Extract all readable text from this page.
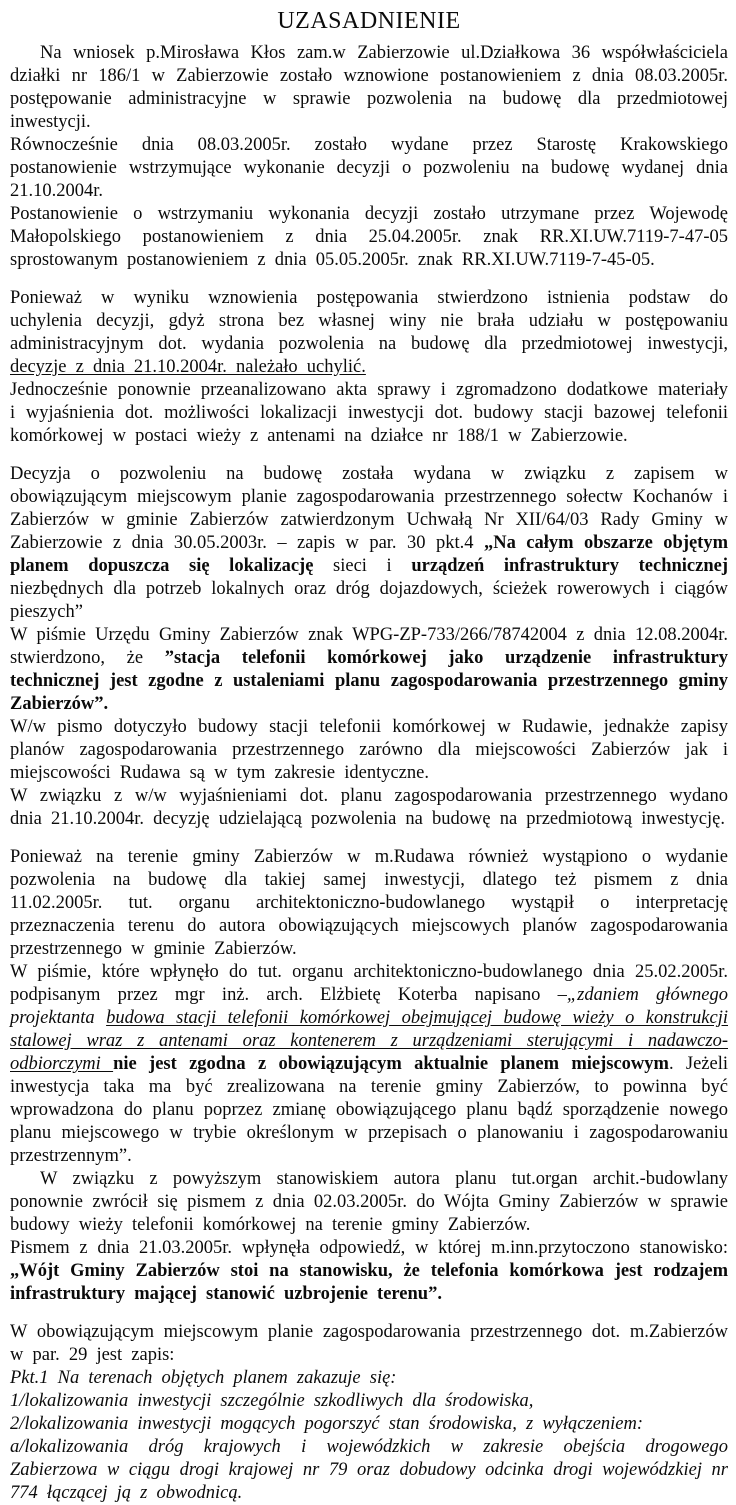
UZASADNIENIE

Na wniosek p.Mirosława Kłos zam.w Zabierzowie ul.Działkowa 36 współwłaściciela działki nr 186/1 w Zabierzowie zostało wznowione postanowieniem z dnia 08.03.2005r. postępowanie administracyjne w sprawie pozwolenia na budowę dla przedmiotowej inwestycji.

Równocześnie dnia 08.03.2005r. zostało wydane przez Starostę Krakowskiego postanowienie wstrzymujące wykonanie decyzji o pozwoleniu na budowę wydanej dnia 21.10.2004r.

Postanowienie o wstrzymaniu wykonania decyzji zostało utrzymane przez Wojewodę Małopolskiego postanowieniem z dnia 25.04.2005r. znak RR.XI.UW.7119-7-47-05 sprostowanym postanowieniem z dnia 05.05.2005r. znak RR.XI.UW.7119-7-45-05.

Ponieważ w wyniku wznowienia postępowania stwierdzono istnienia podstaw do uchylenia decyzji, gdyż strona bez własnej winy nie brała udziału w postępowaniu administracyjnym dot. wydania pozwolenia na budowę dla przedmiotowej inwestycji, decyzje z dnia 21.10.2004r. należało uchylić.

Jednocześnie ponownie przeanalizowano akta sprawy i zgromadzono dodatkowe materiały i wyjaśnienia dot. możliwości lokalizacji inwestycji dot. budowy stacji bazowej telefonii komórkowej w postaci wieży z antenami na działce nr 188/1 w Zabierzowie.

Decyzja o pozwoleniu na budowę została wydana w związku z zapisem w obowiązującym miejscowym planie zagospodarowania przestrzennego sołectw Kochanów i Zabierzów w gminie Zabierzów zatwierdzonym Uchwałą Nr XII/64/03 Rady Gminy w Zabierzowie z dnia 30.05.2003r. – zapis w par. 30 pkt.4 „Na całym obszarze objętym planem dopuszcza się lokalizację sieci i urządzeń infrastruktury technicznej niezbędnych dla potrzeb lokalnych oraz dróg dojazdowych, ścieżek rowerowych i ciągów pieszych”

W piśmie Urzędu Gminy Zabierzów znak WPG-ZP-733/266/78742004 z dnia 12.08.2004r. stwierdzono, że ”stacja telefonii komórkowej jako urządzenie infrastruktury technicznej jest zgodne z ustaleniami planu zagospodarowania przestrzennego gminy Zabierzów”.

W/w pismo dotyczyło budowy stacji telefonii komórkowej w Rudawie, jednakże zapisy planów zagospodarowania przestrzennego zarówno dla miejscowości Zabierzów jak i miejscowości Rudawa są w tym zakresie identyczne.

W związku z w/w wyjaśnieniami dot. planu zagospodarowania przestrzennego wydano dnia 21.10.2004r. decyzję udzielającą pozwolenia na budowę na przedmiotową inwestycję.

Ponieważ na terenie gminy Zabierzów w m.Rudawa również wystąpiono o wydanie pozwolenia na budowę dla takiej samej inwestycji, dlatego też pismem z dnia 11.02.2005r. tut. organu architektoniczno-budowlanego wystąpił o interpretację przeznaczenia terenu do autora obowiązujących miejscowych planów zagospodarowania przestrzennego w gminie Zabierzów.

W piśmie, które wpłynęło do tut. organu architektoniczno-budowlanego dnia 25.02.2005r. podpisanym przez mgr inż. arch. Elżbietę Koterba napisano –„zdaniem głównego projektanta budowa stacji telefonii komórkowej obejmującej budowę wieży o konstrukcji stalowej wraz z antenami oraz kontenerem z urządzeniami sterującymi i nadawczo-odbiorczymi nie jest zgodna z obowiązującym aktualnie planem miejscowym. Jeżeli inwestycja taka ma być zrealizowana na terenie gminy Zabierzów, to powinna być wprowadzona do planu poprzez zmianę obowiązującego planu bądź sporządzenie nowego planu miejscowego w trybie określonym w przepisach o planowaniu i zagospodarowaniu przestrzennym”.

W związku z powyższym stanowiskiem autora planu tut.organ archit.-budowlany ponownie zwrócił się pismem z dnia 02.03.2005r. do Wójta Gminy Zabierzów w sprawie budowy wieży telefonii komórkowej na terenie gminy Zabierzów.

Pismem z dnia 21.03.2005r. wpłynęła odpowiedź, w której m.inn.przytoczono stanowisko: „Wójt Gminy Zabierzów stoi na stanowisku, że telefonia komórkowa jest rodzajem infrastruktury mającej stanowić uzbrojenie terenu”.

W obowiązującym miejscowym planie zagospodarowania przestrzennego dot. m.Zabierzów w par. 29 jest zapis:

Pkt.1 Na terenach objętych planem zakazuje się:

1/lokalizowania inwestycji szczególnie szkodliwych dla środowiska,

2/lokalizowania inwestycji mogących pogorszyć stan środowiska, z wyłączeniem:

a/lokalizowania dróg krajowych i wojewódzkich w zakresie obejścia drogowego Zabierzowa w ciągu drogi krajowej nr 79 oraz dobudowy odcinka drogi wojewódzkiej nr 774 łączącej ją z obwodnicą.
